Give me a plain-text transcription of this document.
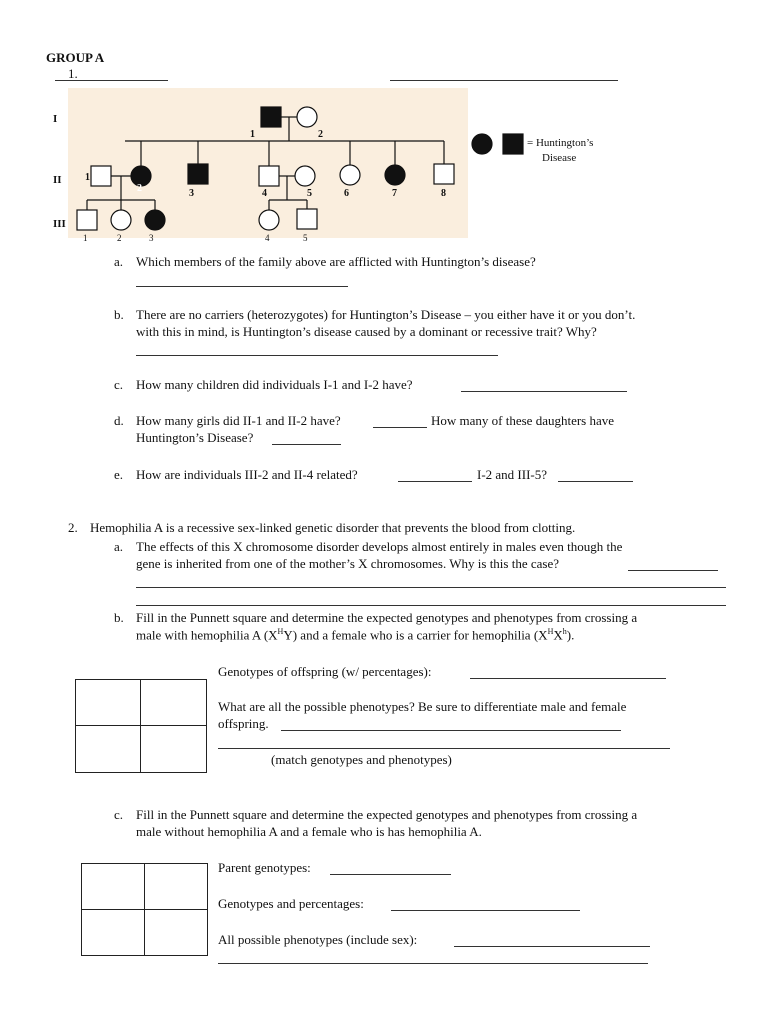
GROUP A
1.
I
II
III
1	2
1
2	3	4	5	6	7	8
1	2	3	4	5
= Huntington’s
Disease
a. Which members of the family above are afflicted with Huntington’s disease?
b. There are no carriers (heterozygotes) for Huntington’s Disease – you either have it or you don’t.
with this in mind, is Huntington’s disease caused by a dominant or recessive trait? Why?
c. How many children did individuals I-1 and I-2 have?
d. How many girls did II-1 and II-2 have?	How many of these daughters have
Huntington’s Disease?
e. How are individuals III-2 and II-4 related?	I-2 and III-5?
2. Hemophilia A is a recessive sex-linked genetic disorder that prevents the blood from clotting.
a. The effects of this X chromosome disorder develops almost entirely in males even though the
gene is inherited from one of the mother’s X chromosomes. Why is this the case?
b. Fill in the Punnett square and determine the expected genotypes and phenotypes from crossing a
male with hemophilia A $(X^HY)$ and a female who is a carrier for hemophilia $(X^HX^h)$.
Genotypes of offspring (w/ percentages):
What are all the possible phenotypes? Be sure to differentiate male and female
offspring.
(match genotypes and phenotypes)
c. Fill in the Punnett square and determine the expected genotypes and phenotypes from crossing a
male without hemophilia A and a female who is has hemophilia A.
Parent genotypes:
Genotypes and percentages:
All possible phenotypes (include sex):
